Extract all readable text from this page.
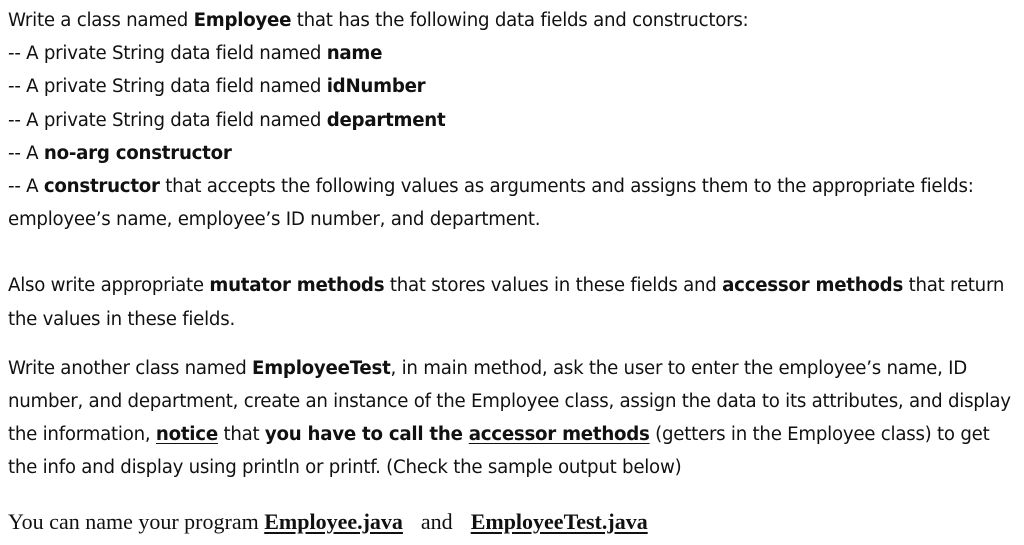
Write a class named Employee that has the following data fields and constructors:
-- A private String data field named name
-- A private String data field named idNumber
-- A private String data field named department
-- A no-arg constructor
-- A constructor that accepts the following values as arguments and assigns them to the appropriate fields: employee’s name, employee’s ID number, and department.
Also write appropriate mutator methods that stores values in these fields and accessor methods that return the values in these fields.
Write another class named EmployeeTest, in main method, ask the user to enter the employee’s name, ID number, and department, create an instance of the Employee class, assign the data to its attributes, and display the information, notice that you have to call the accessor methods (getters in the Employee class) to get the info and display using println or printf. (Check the sample output below)
You can name your program Employee.java and EmployeeTest.java
